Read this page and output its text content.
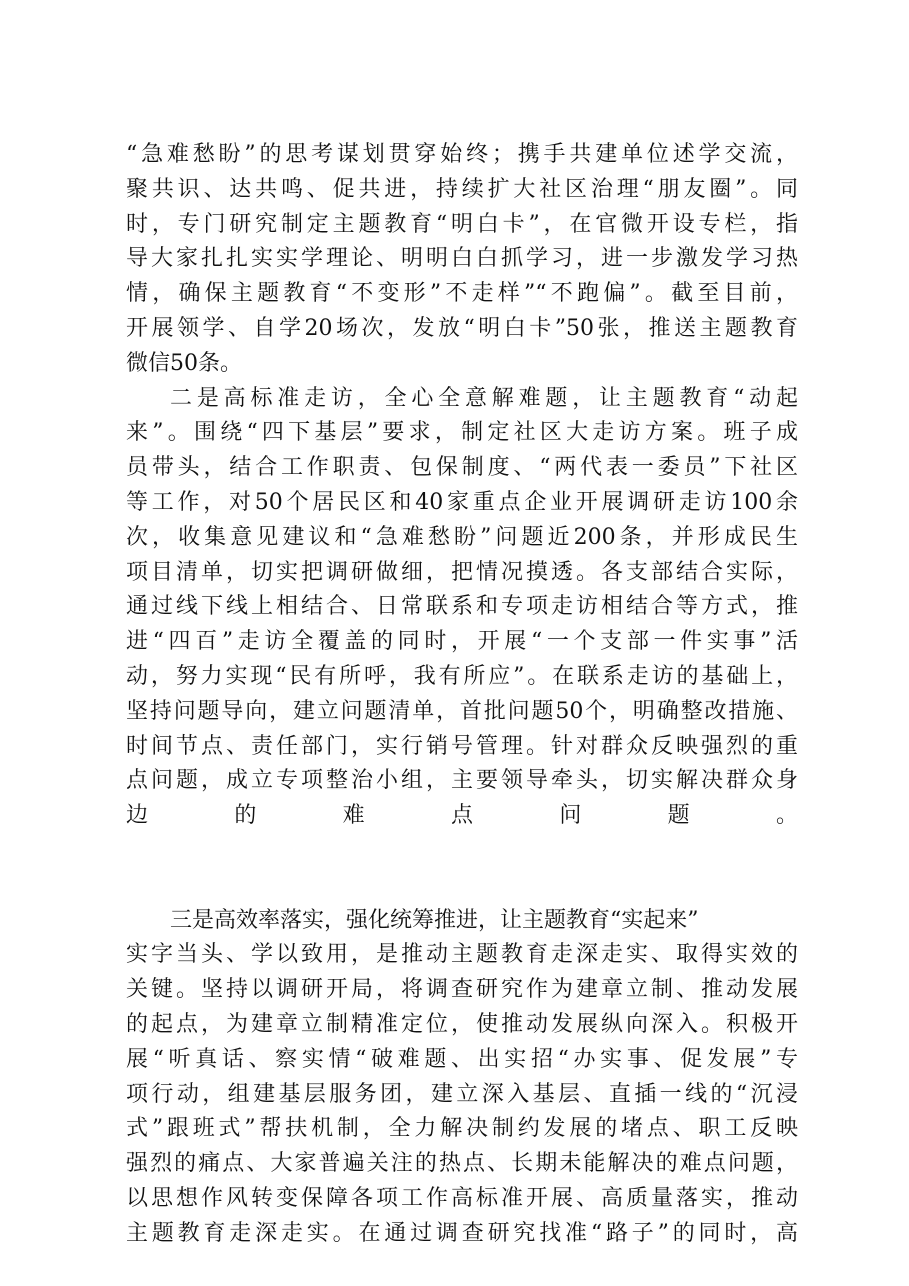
“急难愁盼”的思考谋划贯穿始终；携手共建单位述学交流，
聚共识、达共鸣、促共进，持续扩大社区治理“朋友圈”。同
时，专门研究制定主题教育“明白卡”，在官微开设专栏，指
导大家扎扎实实学理论、明明白白抓学习，进一步激发学习热
情，确保主题教育“不变形”不走样”“不跑偏”。截至目前，
开展领学、自学20场次，发放“明白卡”50张，推送主题教育
微信50条。
二是高标准走访，全心全意解难题，让主题教育“动起
来”。围绕“四下基层”要求，制定社区大走访方案。班子成
员带头，结合工作职责、包保制度、“两代表一委员”下社区
等工作，对50个居民区和40家重点企业开展调研走访100余
次，收集意见建议和“急难愁盼”问题近200条，并形成民生
项目清单，切实把调研做细，把情况摸透。各支部结合实际，
通过线下线上相结合、日常联系和专项走访相结合等方式，推
进“四百”走访全覆盖的同时，开展“一个支部一件实事”活
动，努力实现“民有所呼，我有所应”。在联系走访的基础上，
坚持问题导向，建立问题清单，首批问题50个，明确整改措施、
时间节点、责任部门，实行销号管理。针对群众反映强烈的重
点问题，成立专项整治小组，主要领导牵头，切实解决群众身
边的难点问题。
三是高效率落实，强化统筹推进，让主题教育“实起来”
实字当头、学以致用，是推动主题教育走深走实、取得实效的
关键。坚持以调研开局，将调查研究作为建章立制、推动发展
的起点，为建章立制精准定位，使推动发展纵向深入。积极开
展“听真话、察实情“破难题、出实招“办实事、促发展”专
项行动，组建基层服务团，建立深入基层、直插一线的“沉浸
式”跟班式”帮扶机制，全力解决制约发展的堵点、职工反映
强烈的痛点、大家普遍关注的热点、长期未能解决的难点问题，
以思想作风转变保障各项工作高标准开展、高质量落实，推动
主题教育走深走实。在通过调查研究找准“路子”的同时，高
